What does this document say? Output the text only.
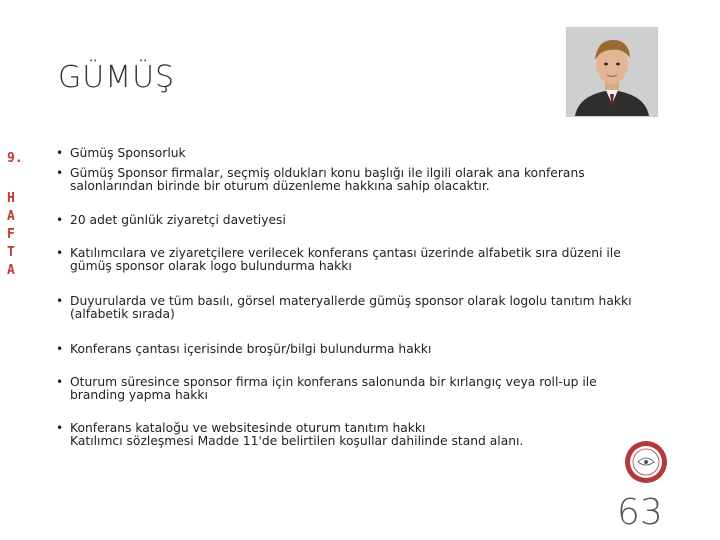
GÜMÜŞ
9.
H
A
F
T
A
• Gümüş Sponsorluk
• Gümüş Sponsor firmalar, seçmiş oldukları konu başlığı ile ilgili olarak ana konferans
salonlarından birinde bir oturum düzenleme hakkına sahip olacaktır.
• 20 adet günlük ziyaretçi davetiyesi
• Katılımcılara ve ziyaretçilere verilecek konferans çantası üzerinde alfabetik sıra düzeni ile
gümüş sponsor olarak logo bulundurma hakkı
• Duyurularda ve tüm basılı, görsel materyallerde gümüş sponsor olarak logolu tanıtım hakkı
(alfabetik sırada)
• Konferans çantası içerisinde broşür/bilgi bulundurma hakkı
• Oturum süresince sponsor firma için konferans salonunda bir kırlangıç veya roll-up ile
branding yapma hakkı
• Konferans kataloğu ve websitesinde oturum tanıtım hakkı
Katılımcı sözleşmesi Madde 11'de belirtilen koşullar dahilinde stand alanı.
63
